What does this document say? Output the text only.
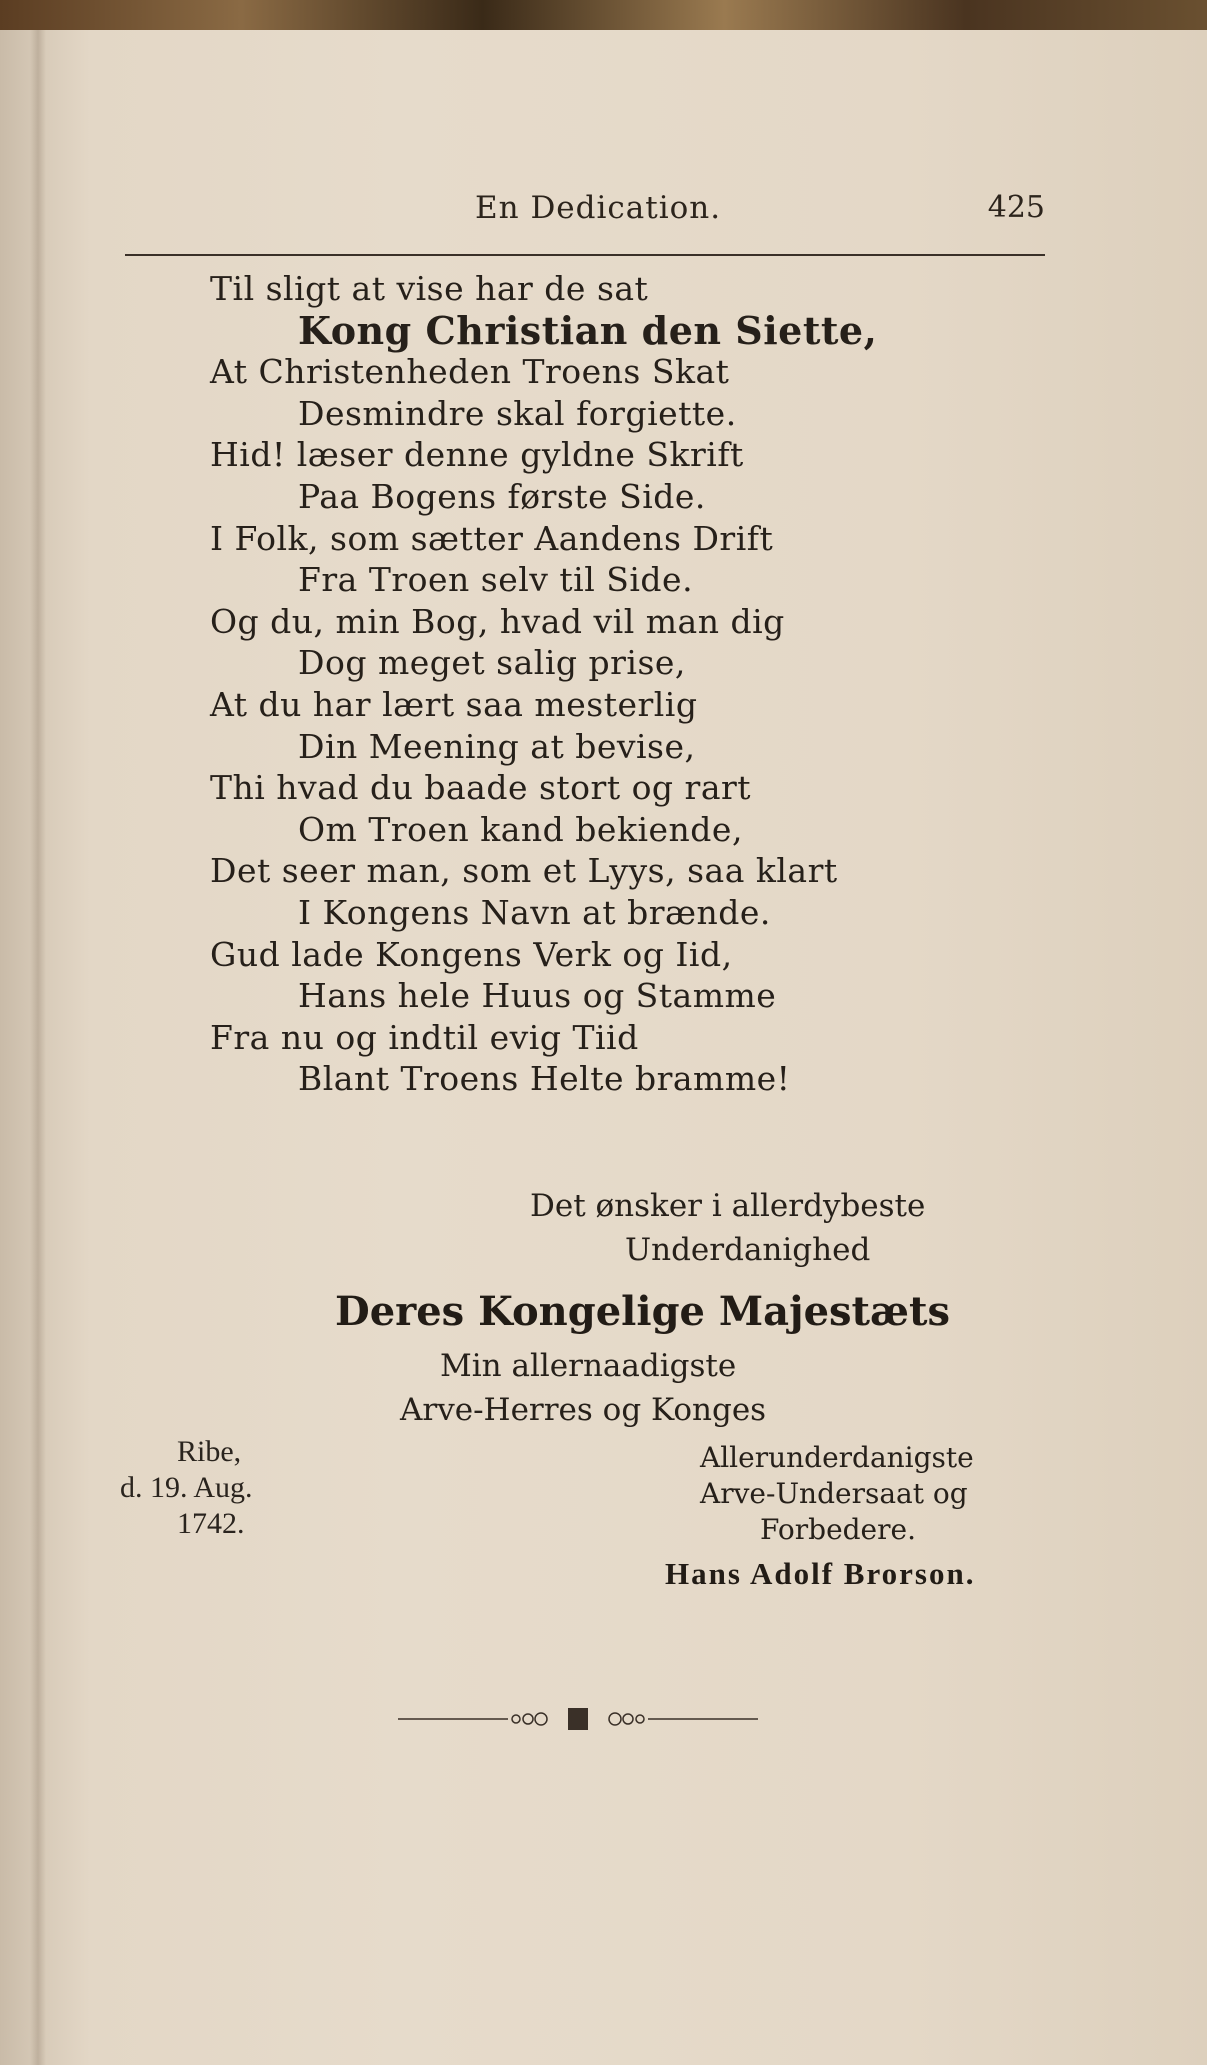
En Dedication.	425
Til sligt at vise har de sat
Kong Christian den Siette,
At Christenheden Troens Skat
Desmindre skal forgiette.
Hid! læser denne gyldne Skrift
Paa Bogens første Side.
I Folk, som sætter Aandens Drift
Fra Troen selv til Side.
Og du, min Bog, hvad vil man dig
Dog meget salig prise,
At du har lært saa mesterlig
Din Meening at bevise,
Thi hvad du baade stort og rart
Om Troen kand bekiende,
Det seer man, som et Lyys, saa klart
I Kongens Navn at brænde.
Gud lade Kongens Verk og Iid,
Hans hele Huus og Stamme
Fra nu og indtil evig Tiid
Blant Troens Helte bramme!
Det ønsker i allerdybeste
Underdanighed
Deres Kongelige Majestæts
Min allernaadigste
Arve-Herres og Konges
Ribe,
d. 19. Aug.
1742.
Allerunderdanigste
Arve-Undersaat og
Forbedere.
Hans Adolf Brorson.
